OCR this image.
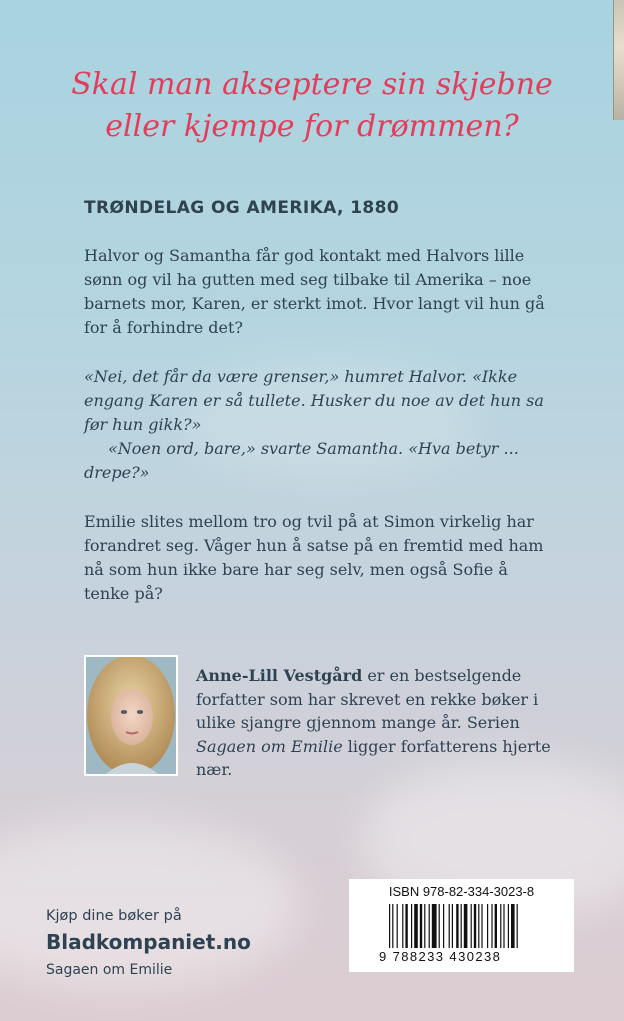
Skal man akseptere sin skjebne
eller kjempe for drømmen?
TRØNDELAG OG AMERIKA, 1880

Halvor og Samantha får god kontakt med Halvors lille sønn og vil ha gutten med seg tilbake til Amerika – noe barnets mor, Karen, er sterkt imot. Hvor langt vil hun gå for å forhindre det?

«Nei, det får da være grenser,» humret Halvor. «Ikke engang Karen er så tullete. Husker du noe av det hun sa før hun gikk?»

«Noen ord, bare,» svarte Samantha. «Hva betyr ... drepe?»

Emilie slites mellom tro og tvil på at Simon virkelig har forandret seg. Våger hun å satse på en fremtid med ham nå som hun ikke bare har seg selv, men også Sofie å tenke på?

Anne-Lill Vestgård er en bestselgende forfatter som har skrevet en rekke bøker i ulike sjangre gjennom mange år. Serien Sagaen om Emilie ligger forfatterens hjerte nær.

Kjøp dine bøker på
Bladkompaniet.no
Sagaen om Emilie
ISBN 978-82-334-3023-8
9 788233 430238
